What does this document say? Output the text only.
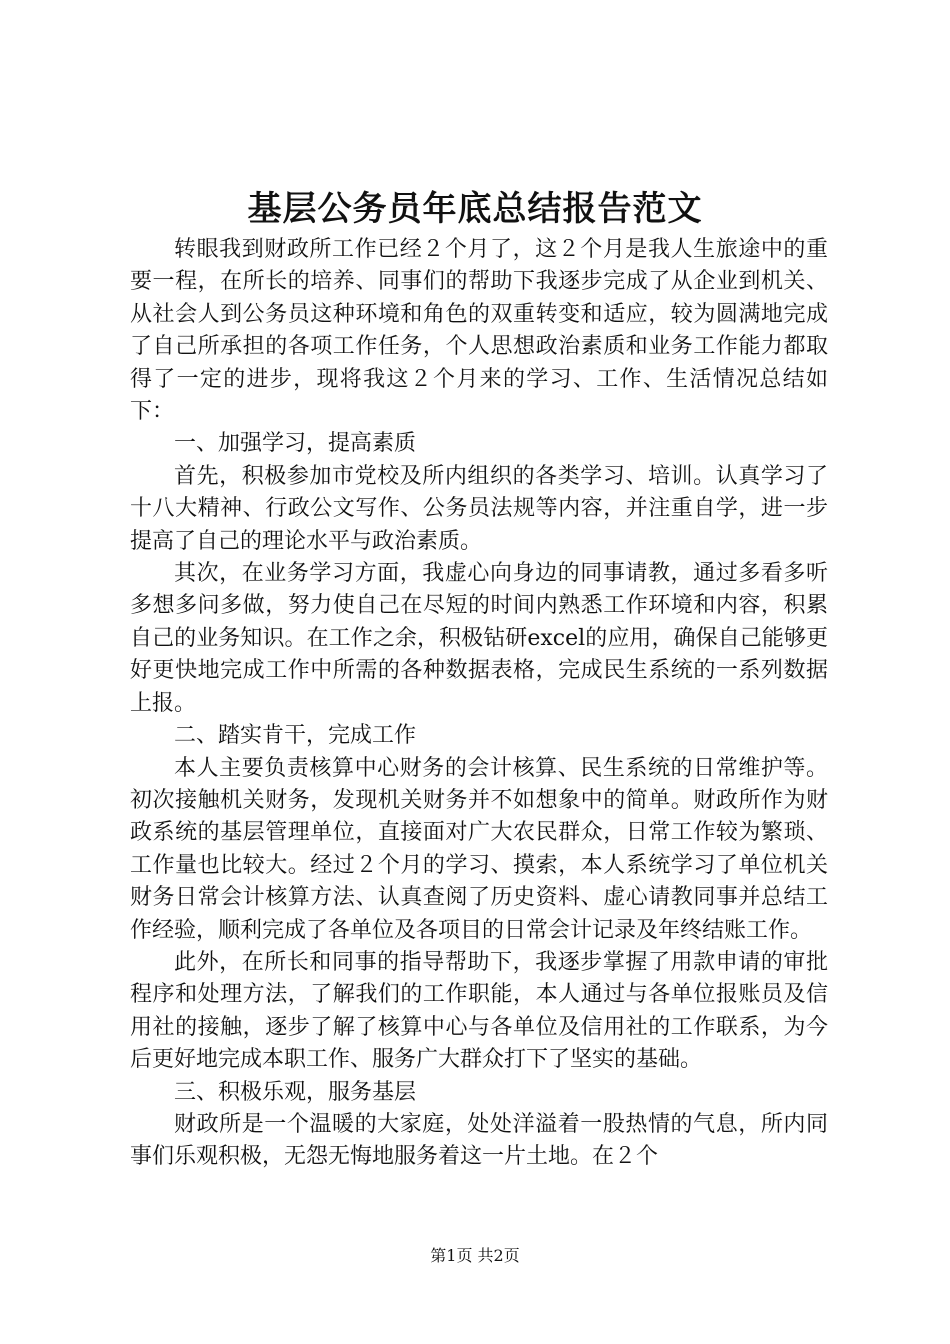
基层公务员年底总结报告范文

转眼我到财政所工作已经２个月了，这２个月是我人生旅途中的重要一程，在所长的培养、同事们的帮助下我逐步完成了从企业到机关、从社会人到公务员这种环境和角色的双重转变和适应，较为圆满地完成了自己所承担的各项工作任务，个人思想政治素质和业务工作能力都取得了一定的进步，现将我这２个月来的学习、工作、生活情况总结如下：

一、加强学习，提高素质

首先，积极参加市党校及所内组织的各类学习、培训。认真学习了十八大精神、行政公文写作、公务员法规等内容，并注重自学，进一步提高了自己的理论水平与政治素质。

其次，在业务学习方面，我虚心向身边的同事请教，通过多看多听多想多问多做，努力使自己在尽短的时间内熟悉工作环境和内容，积累自己的业务知识。在工作之余，积极钻研excel的应用，确保自己能够更好更快地完成工作中所需的各种数据表格，完成民生系统的一系列数据上报。

二、踏实肯干，完成工作

本人主要负责核算中心财务的会计核算、民生系统的日常维护等。初次接触机关财务，发现机关财务并不如想象中的简单。财政所作为财政系统的基层管理单位，直接面对广大农民群众，日常工作较为繁琐、工作量也比较大。经过２个月的学习、摸索，本人系统学习了单位机关财务日常会计核算方法、认真查阅了历史资料、虚心请教同事并总结工作经验，顺利完成了各单位及各项目的日常会计记录及年终结账工作。

此外，在所长和同事的指导帮助下，我逐步掌握了用款申请的审批程序和处理方法，了解我们的工作职能，本人通过与各单位报账员及信用社的接触，逐步了解了核算中心与各单位及信用社的工作联系，为今后更好地完成本职工作、服务广大群众打下了坚实的基础。

三、积极乐观，服务基层

财政所是一个温暖的大家庭，处处洋溢着一股热情的气息，所内同事们乐观积极，无怨无悔地服务着这一片土地。在２个

第1页 共2页
